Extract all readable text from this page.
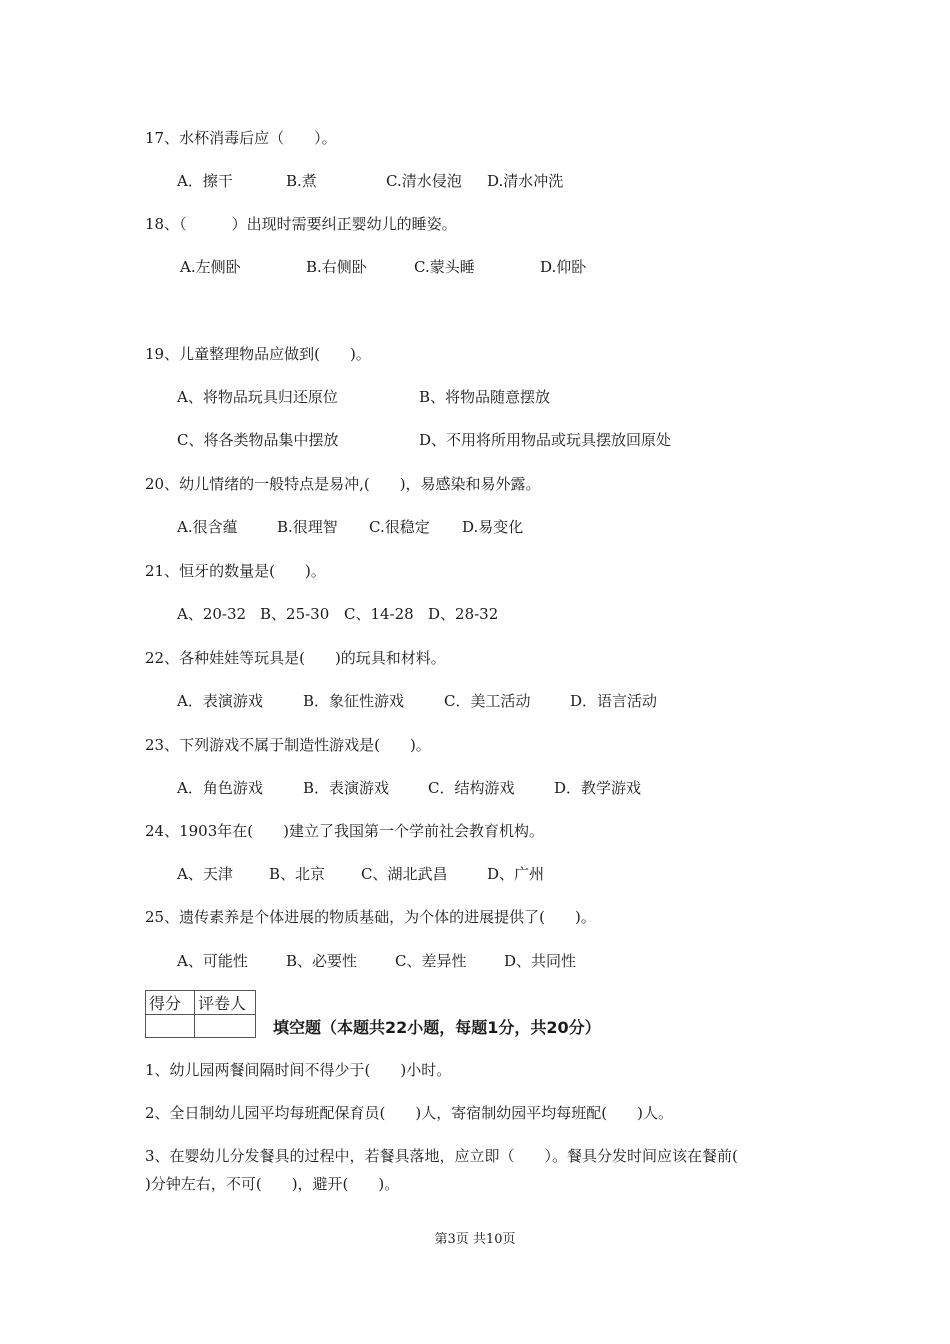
17、水杯消毒后应（　　）。
A．擦干	B.煮	C.清水侵泡 D.清水冲洗
18、（　　　）出现时需要纠正婴幼儿的睡姿。
A.左侧卧	B.右侧卧	C.蒙头睡	D.仰卧
19、儿童整理物品应做到(　　)。
A、将物品玩具归还原位	B、将物品随意摆放
C、将各类物品集中摆放	D、不用将所用物品或玩具摆放回原处
20、幼儿情绪的一般特点是易冲,(　　)，易感染和易外露。
A.很含蕴	B.很理智 C.很稳定 D.易变化
21、恒牙的数量是(　　)。
A、20-32 B、25-30 C、14-28 D、28-32
22、各种娃娃等玩具是(　　)的玩具和材料。
A．表演游戏	B．象征性游戏	C．美工活动	D．语言活动
23、下列游戏不属于制造性游戏是(　　)。
A．角色游戏	B．表演游戏	C．结构游戏	D．教学游戏
24、1903年在(　　)建立了我国第一个学前社会教育机构。
A、天津 B、北京 C、湖北武昌	D、广州
25、遗传素养是个体进展的物质基础，为个体的进展提供了(　　)。
A、可能性	B、必要性	C、差异性	D、共同性
得分	评卷人

填空题（本题共22小题，每题1分，共20分）
1、幼儿园两餐间隔时间不得少于(　　)小时。
2、全日制幼儿园平均每班配保育员(　　)人，寄宿制幼园平均每班配(　　)人。
3、在婴幼儿分发餐具的过程中，若餐具落地，应立即（　　）。餐具分发时间应该在餐前(
)分钟左右，不可(　　)，避开(　　)。
第3页 共10页
